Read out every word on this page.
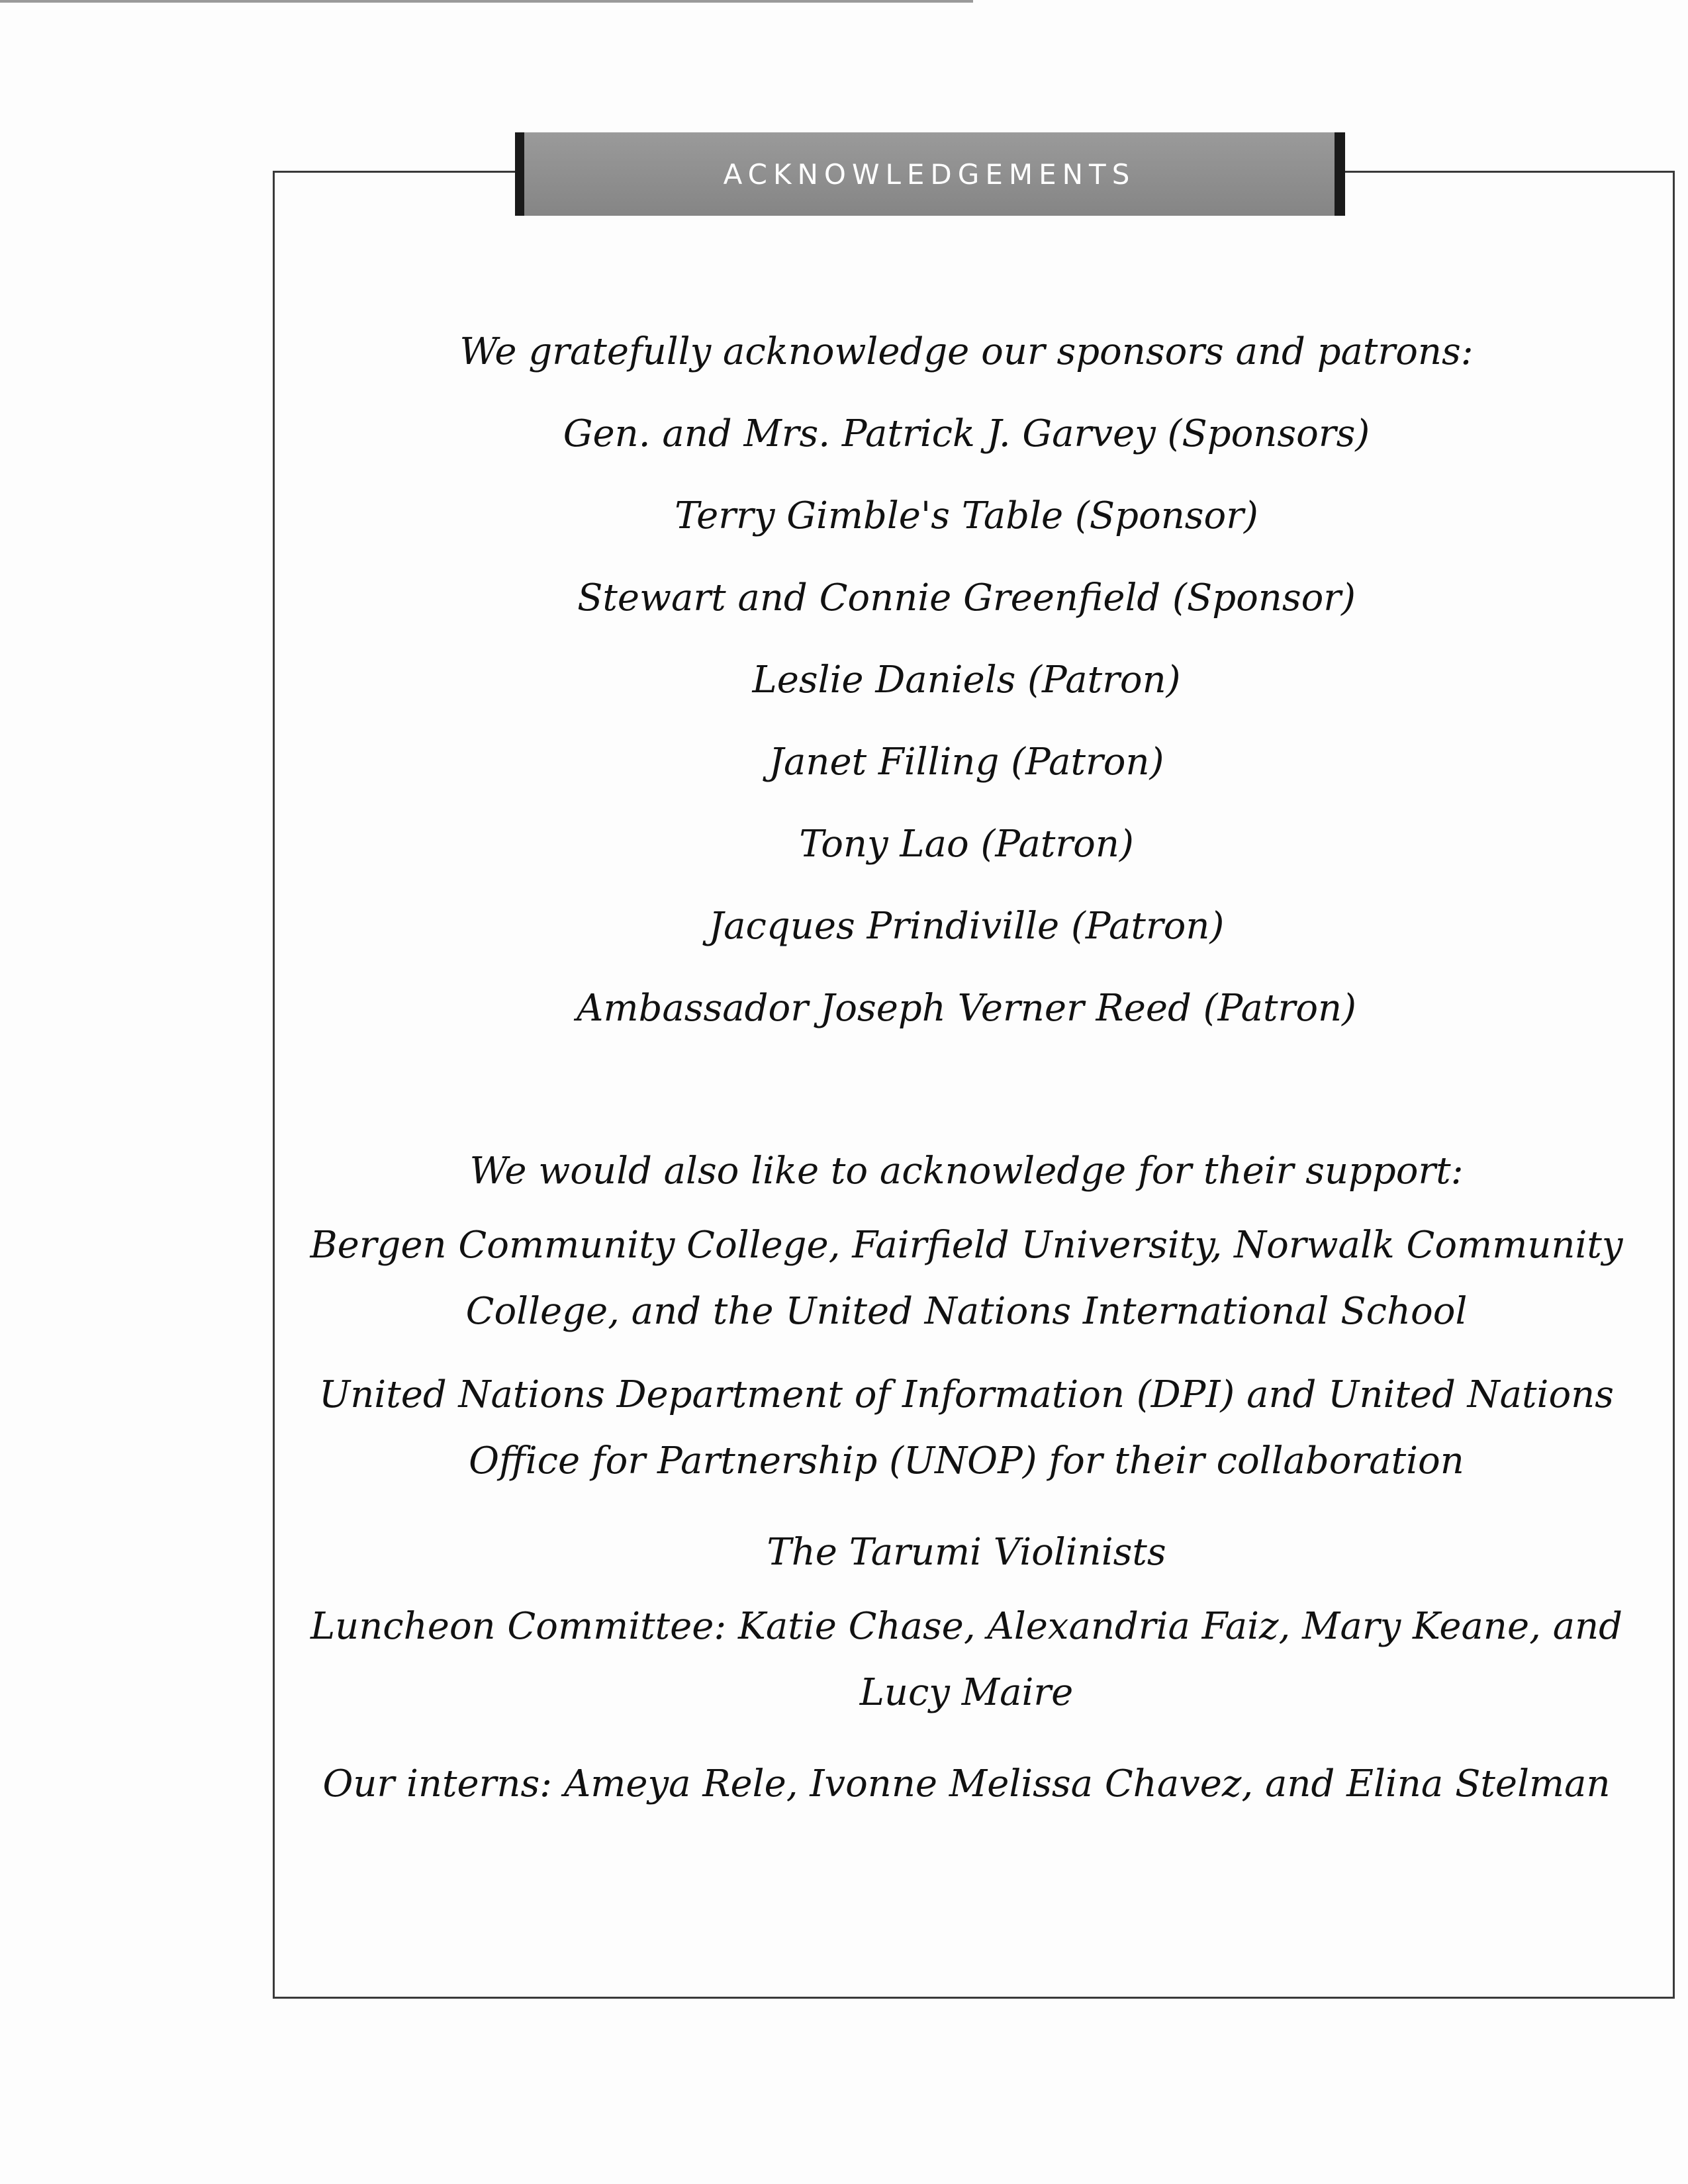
ACKNOWLEDGEMENTS
We gratefully acknowledge our sponsors and patrons:
Gen. and Mrs. Patrick J. Garvey (Sponsors)
Terry Gimble's Table (Sponsor)
Stewart and Connie Greenfield (Sponsor)
Leslie Daniels (Patron)
Janet Filling (Patron)
Tony Lao (Patron)
Jacques Prindiville (Patron)
Ambassador Joseph Verner Reed (Patron)
We would also like to acknowledge for their support:
Bergen Community College, Fairfield University, Norwalk Community College, and the United Nations International School
United Nations Department of Information (DPI) and United Nations Office for Partnership (UNOP) for their collaboration
The Tarumi Violinists
Luncheon Committee: Katie Chase, Alexandria Faiz, Mary Keane, and Lucy Maire
Our interns: Ameya Rele, Ivonne Melissa Chavez, and Elina Stelman
